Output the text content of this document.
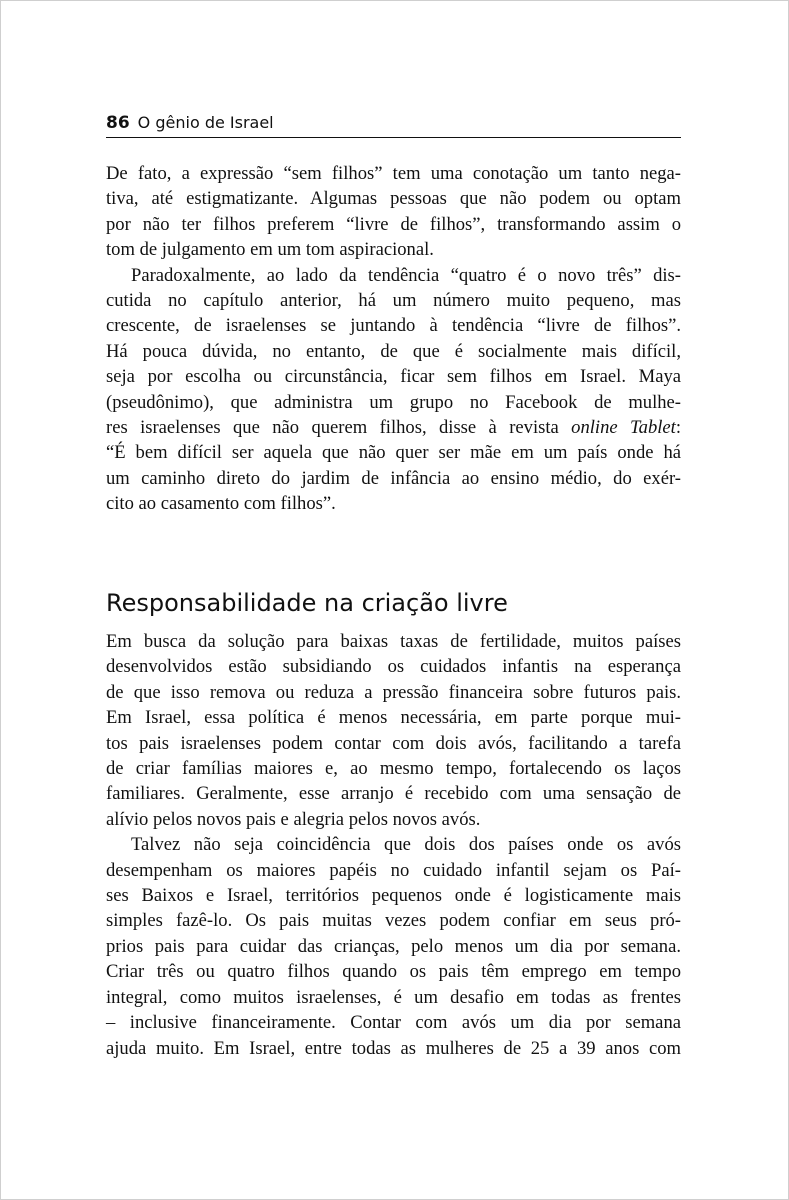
86 O gênio de Israel
De fato, a expressão “sem filhos” tem uma conotação um tanto nega-
tiva, até estigmatizante. Algumas pessoas que não podem ou optam
por não ter filhos preferem “livre de filhos”, transformando assim o
tom de julgamento em um tom aspiracional.
Paradoxalmente, ao lado da tendência “quatro é o novo três” dis-
cutida no capítulo anterior, há um número muito pequeno, mas
crescente, de israelenses se juntando à tendência “livre de filhos”.
Há pouca dúvida, no entanto, de que é socialmente mais difícil,
seja por escolha ou circunstância, ficar sem filhos em Israel. Maya
(pseudônimo), que administra um grupo no Facebook de mulhe-
res israelenses que não querem filhos, disse à revista online Tablet:
“É bem difícil ser aquela que não quer ser mãe em um país onde há
um caminho direto do jardim de infância ao ensino médio, do exér-
cito ao casamento com filhos”.
Responsabilidade na criação livre
Em busca da solução para baixas taxas de fertilidade, muitos países
desenvolvidos estão subsidiando os cuidados infantis na esperança
de que isso remova ou reduza a pressão financeira sobre futuros pais.
Em Israel, essa política é menos necessária, em parte porque mui-
tos pais israelenses podem contar com dois avós, facilitando a tarefa
de criar famílias maiores e, ao mesmo tempo, fortalecendo os laços
familiares. Geralmente, esse arranjo é recebido com uma sensação de
alívio pelos novos pais e alegria pelos novos avós.
Talvez não seja coincidência que dois dos países onde os avós
desempenham os maiores papéis no cuidado infantil sejam os Paí-
ses Baixos e Israel, territórios pequenos onde é logisticamente mais
simples fazê-lo. Os pais muitas vezes podem confiar em seus pró-
prios pais para cuidar das crianças, pelo menos um dia por semana.
Criar três ou quatro filhos quando os pais têm emprego em tempo
integral, como muitos israelenses, é um desafio em todas as frentes
– inclusive financeiramente. Contar com avós um dia por semana
ajuda muito. Em Israel, entre todas as mulheres de 25 a 39 anos com
